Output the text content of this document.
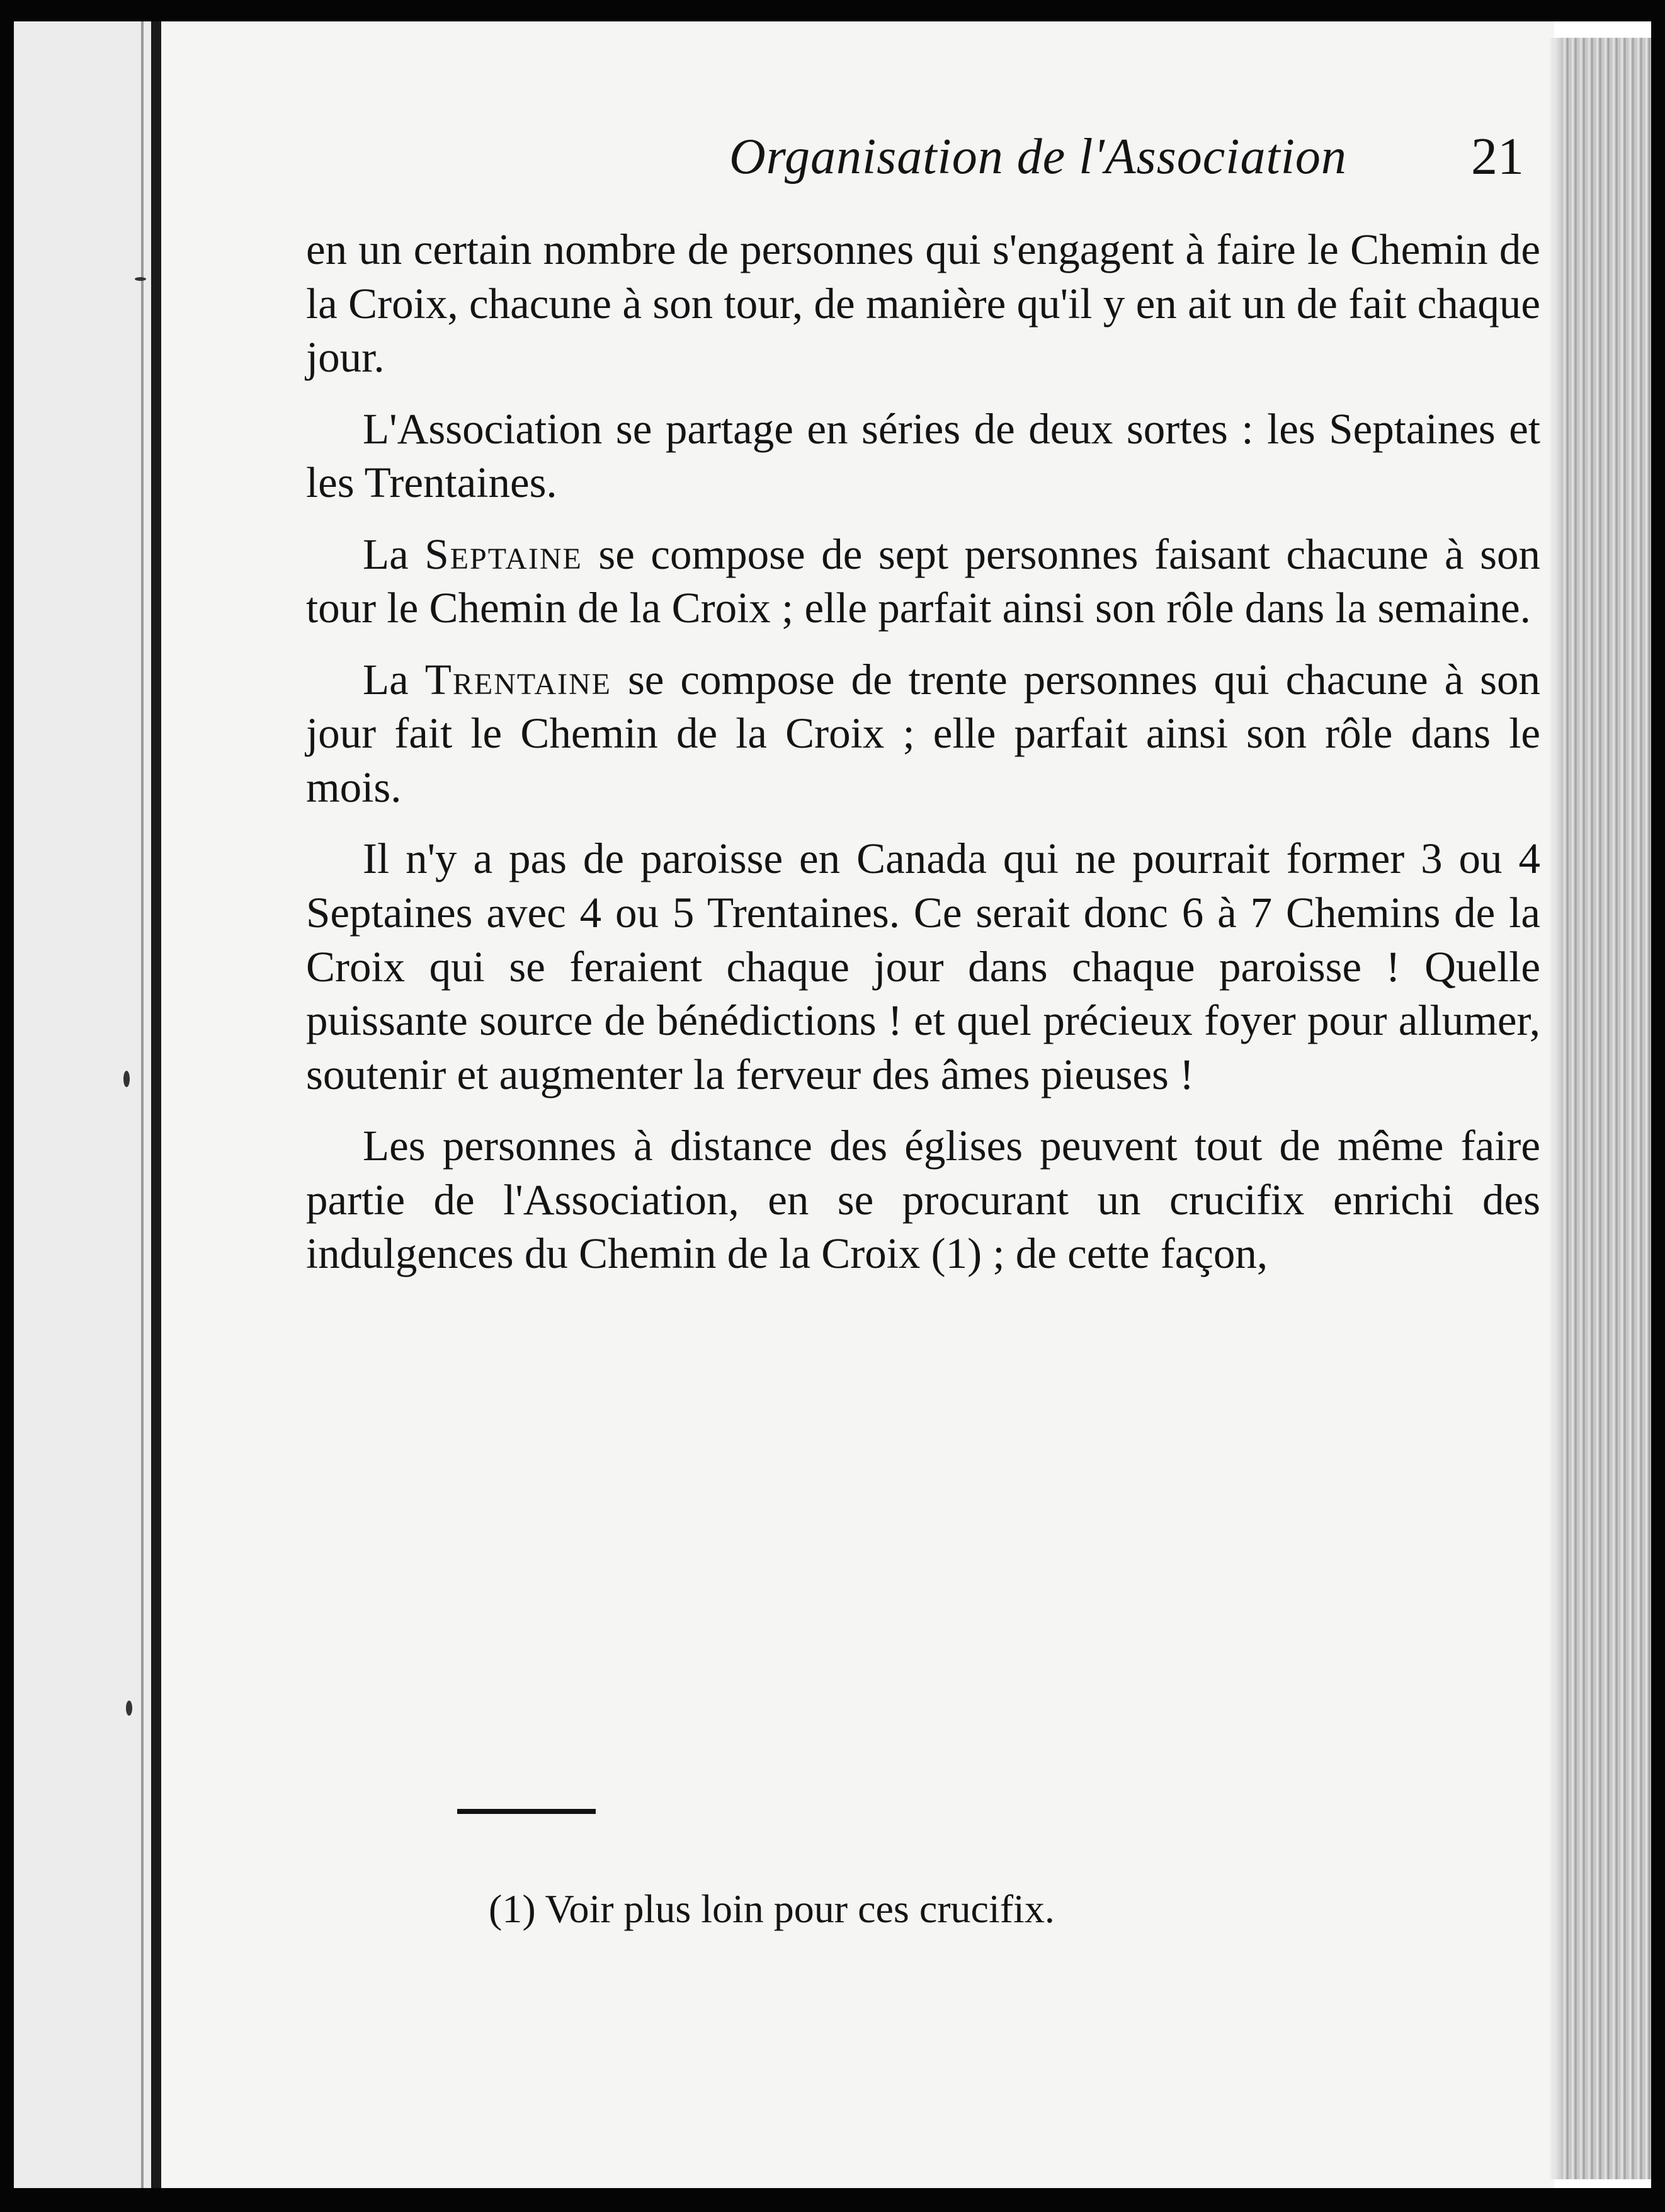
Organisation de l'Association 21

en un certain nombre de personnes qui s'engagent à faire le Chemin de la Croix, chacune à son tour, de manière qu'il y en ait un de fait chaque jour.

L'Association se partage en séries de deux sortes : les Septaines et les Trentaines.

La Septaine se compose de sept personnes faisant chacune à son tour le Chemin de la Croix ; elle parfait ainsi son rôle dans la semaine.

La Trentaine se compose de trente personnes qui chacune à son jour fait le Chemin de la Croix ; elle parfait ainsi son rôle dans le mois.

Il n'y a pas de paroisse en Canada qui ne pourrait former 3 ou 4 Septaines avec 4 ou 5 Trentaines. Ce serait donc 6 à 7 Chemins de la Croix qui se feraient chaque jour dans chaque paroisse ! Quelle puissante source de bénédictions ! et quel précieux foyer pour allumer, soutenir et augmenter la ferveur des âmes pieuses !

Les personnes à distance des églises peuvent tout de même faire partie de l'Association, en se procurant un crucifix enrichi des indulgences du Chemin de la Croix (1) ; de cette façon,

(1) Voir plus loin pour ces crucifix.
